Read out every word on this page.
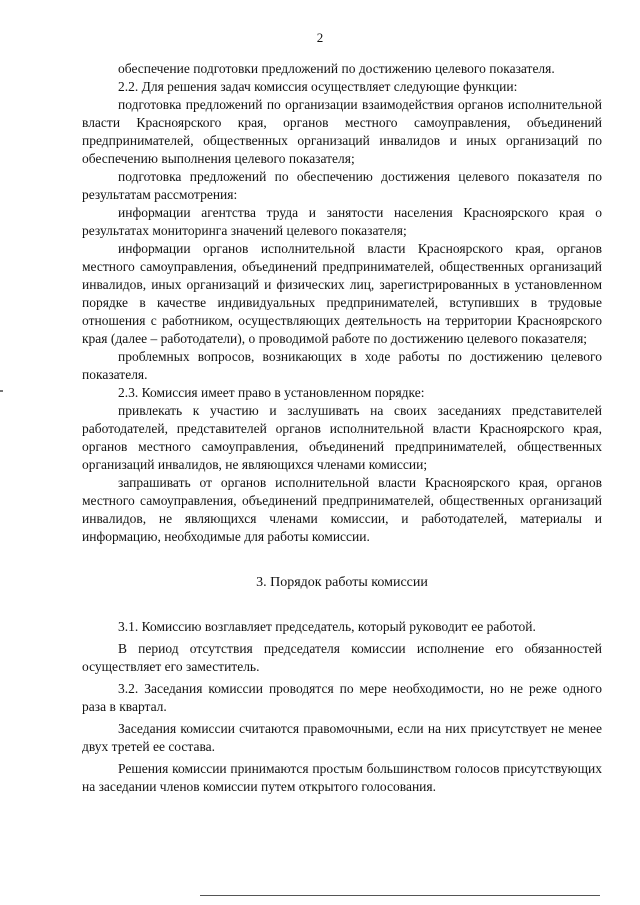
2

обеспечение подготовки предложений по достижению целевого показателя.

2.2. Для решения задач комиссия осуществляет следующие функции:

подготовка предложений по организации взаимодействия органов исполнительной власти Красноярского края, органов местного самоуправления, объединений предпринимателей, общественных организаций инвалидов и иных организаций по обеспечению выполнения целевого показателя;

подготовка предложений по обеспечению достижения целевого показателя по результатам рассмотрения:

информации агентства труда и занятости населения Красноярского края о результатах мониторинга значений целевого показателя;

информации органов исполнительной власти Красноярского края, органов местного самоуправления, объединений предпринимателей, общественных организаций инвалидов, иных организаций и физических лиц, зарегистрированных в установленном порядке в качестве индивидуальных предпринимателей, вступивших в трудовые отношения с работником, осуществляющих деятельность на территории Красноярского края (далее – работодатели), о проводимой работе по достижению целевого показателя;

проблемных вопросов, возникающих в ходе работы по достижению целевого показателя.

2.3. Комиссия имеет право в установленном порядке:

привлекать к участию и заслушивать на своих заседаниях представителей работодателей, представителей органов исполнительной власти Красноярского края, органов местного самоуправления, объединений предпринимателей, общественных организаций инвалидов, не являющихся членами комиссии;

запрашивать от органов исполнительной власти Красноярского края, органов местного самоуправления, объединений предпринимателей, общественных организаций инвалидов, не являющихся членами комиссии, и работодателей, материалы и информацию, необходимые для работы комиссии.

3. Порядок работы комиссии

3.1. Комиссию возглавляет председатель, который руководит ее работой.

В период отсутствия председателя комиссии исполнение его обязанностей осуществляет его заместитель.

3.2. Заседания комиссии проводятся по мере необходимости, но не реже одного раза в квартал.

Заседания комиссии считаются правомочными, если на них присутствует не менее двух третей ее состава.

Решения комиссии принимаются простым большинством голосов присутствующих на заседании членов комиссии путем открытого голосования.
